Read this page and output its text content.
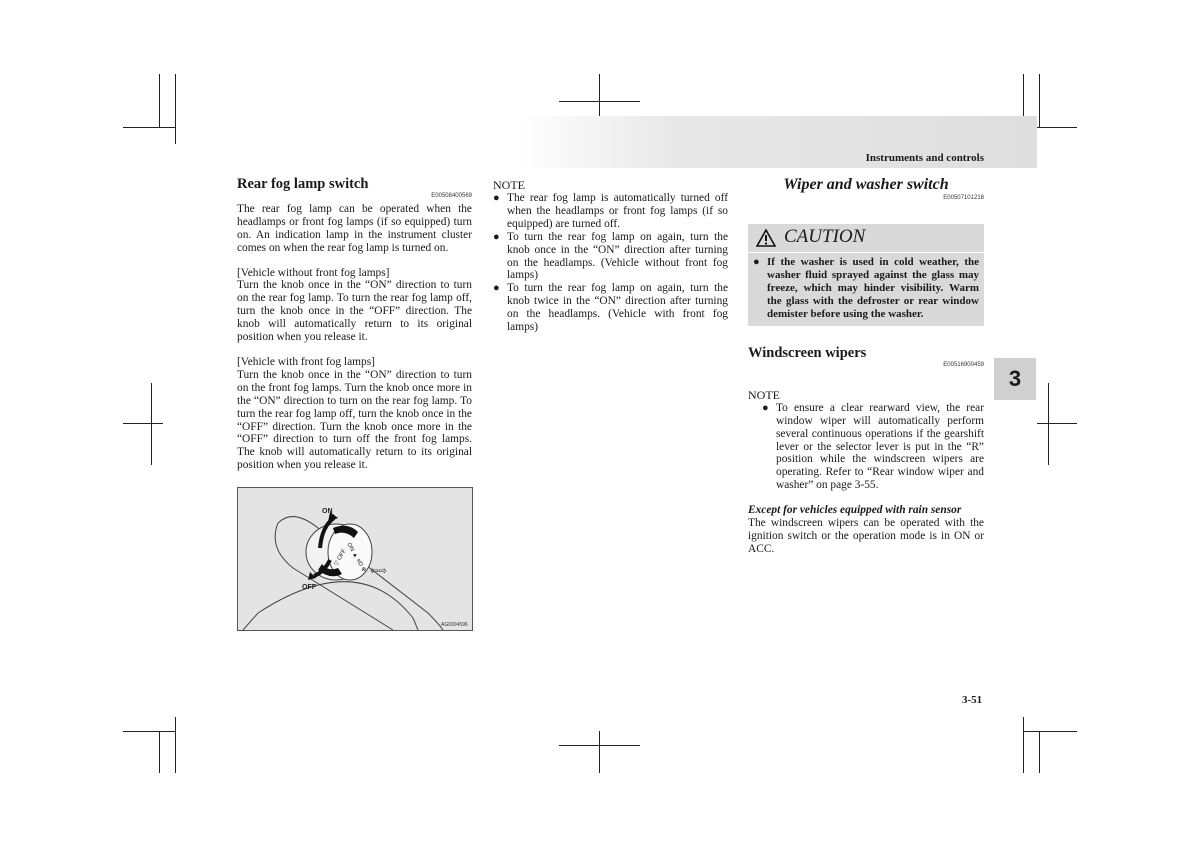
Instruments and controls
Rear fog lamp switch
E00508400569
The rear fog lamp can be operated when the headlamps or front fog lamps (if so equipped) turn on. An indication lamp in the instrument cluster comes on when the rear fog lamp is turned on.
[Vehicle without front fog lamps]
Turn the knob once in the “ON” direction to turn on the rear fog lamp. To turn the rear fog lamp off, turn the knob once in the “OFF” direction. The knob will automatically return to its original position when you release it.
[Vehicle with front fog lamps]
Turn the knob once in the “ON” direction to turn on the front fog lamps. Turn the knob once more in the “ON” direction to turn on the rear fog lamp. To turn the rear fog lamp off, turn the knob once in the “OFF” direction. Turn the knob once more in the “OFF” direction to turn off the front fog lamps. The knob will automatically return to its original position when you release it.
ON ▲ ≡D ⊕
▽ OFF
⇦⇨
ON
OFF
AG0004596
NOTE
● The rear fog lamp is automatically turned off when the headlamps or front fog lamps (if so equipped) are turned off.
● To turn the rear fog lamp on again, turn the knob once in the “ON” direction after turning on the headlamps. (Vehicle without front fog lamps)
● To turn the rear fog lamp on again, turn the knob twice in the “ON” direction after turning on the headlamps. (Vehicle with front fog lamps)
Wiper and washer switch
E00507101218
CAUTION
● If the washer is used in cold weather, the washer fluid sprayed against the glass may freeze, which may hinder visibility. Warm the glass with the defroster or rear window demister before using the washer.
Windscreen wipers
E00516900459
NOTE
● To ensure a clear rearward view, the rear window wiper will automatically perform several continuous operations if the gearshift lever or the selector lever is put in the “R” position while the windscreen wipers are operating. Refer to “Rear window wiper and washer” on page 3-55.
Except for vehicles equipped with rain sensor
The windscreen wipers can be operated with the ignition switch or the operation mode is in ON or ACC.
3
3-51
